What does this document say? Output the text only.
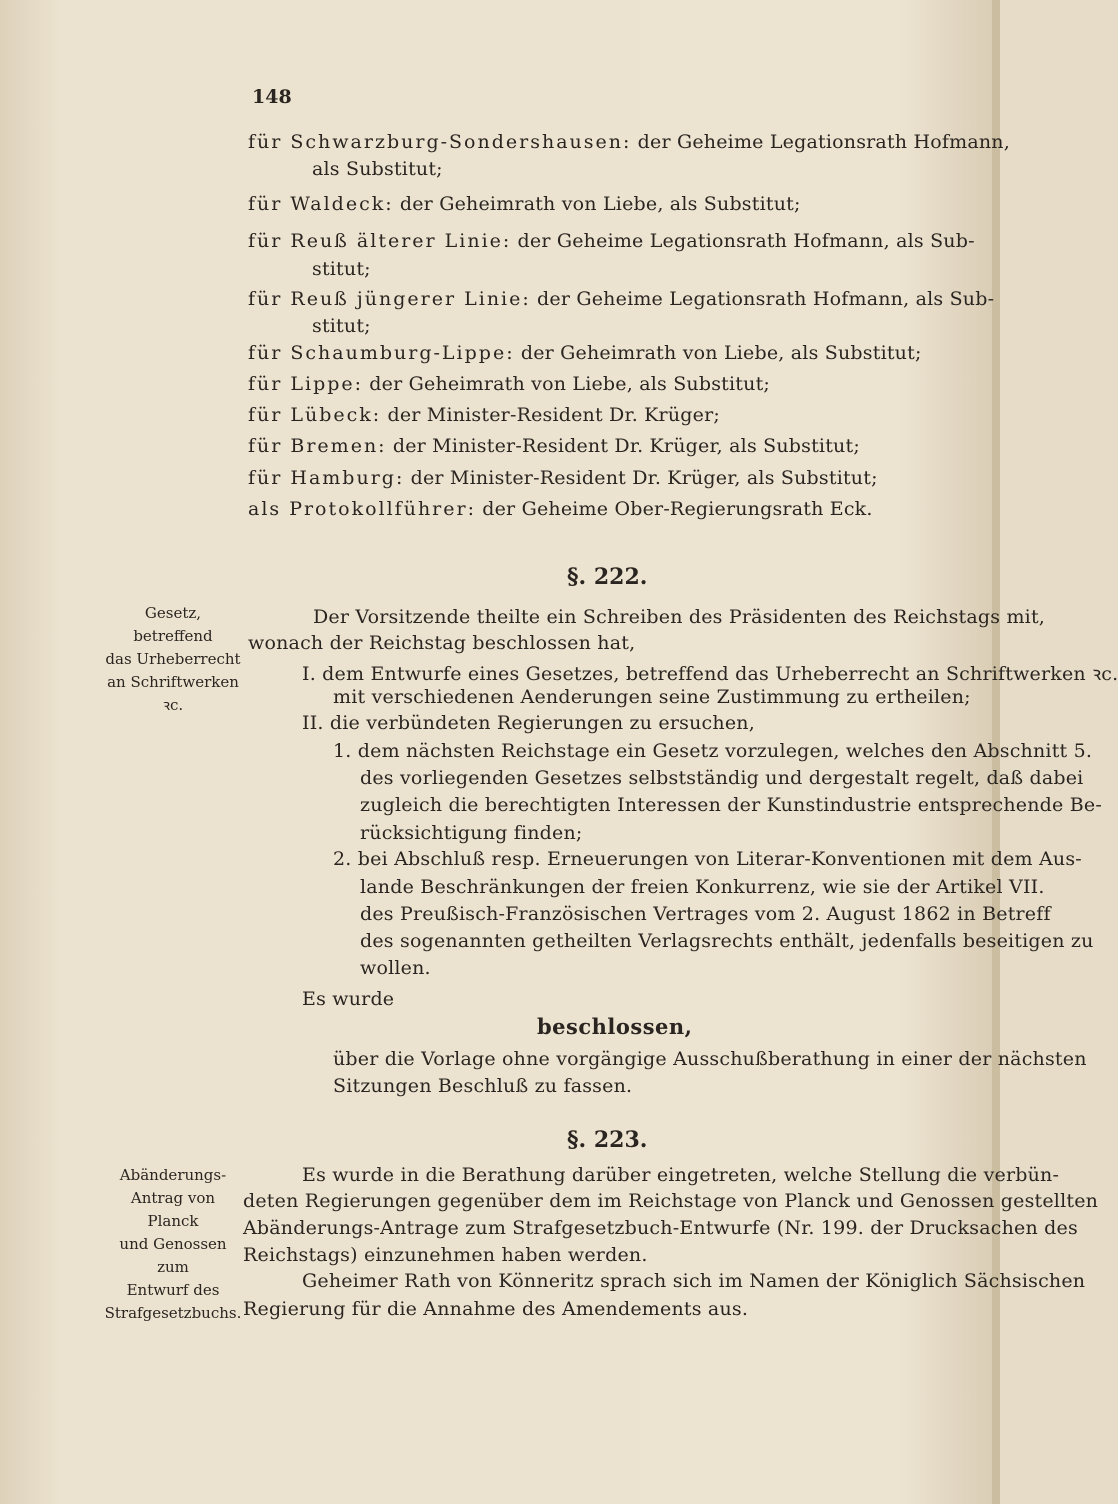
148
für Schwarzburg-Sondershausen: der Geheime Legationsrath Hofmann,
als Substitut;
für Waldeck: der Geheimrath von Liebe, als Substitut;
für Reuß älterer Linie: der Geheime Legationsrath Hofmann, als Sub-
stitut;
für Reuß jüngerer Linie: der Geheime Legationsrath Hofmann, als Sub-
stitut;
für Schaumburg-Lippe: der Geheimrath von Liebe, als Substitut;
für Lippe: der Geheimrath von Liebe, als Substitut;
für Lübeck: der Minister-Resident Dr. Krüger;
für Bremen: der Minister-Resident Dr. Krüger, als Substitut;
für Hamburg: der Minister-Resident Dr. Krüger, als Substitut;
als Protokollführer: der Geheime Ober-Regierungsrath Eck.
§. 222.
Gesetz, betreffend
das Urheberrecht
an Schriftwerken
ꝛc.
Der Vorsitzende theilte ein Schreiben des Präsidenten des Reichstags mit,
wonach der Reichstag beschlossen hat,
I. dem Entwurfe eines Gesetzes, betreffend das Urheberrecht an Schriftwerken ꝛc.
mit verschiedenen Aenderungen seine Zustimmung zu ertheilen;
II. die verbündeten Regierungen zu ersuchen,
1. dem nächsten Reichstage ein Gesetz vorzulegen, welches den Abschnitt 5.
des vorliegenden Gesetzes selbstständig und dergestalt regelt, daß dabei
zugleich die berechtigten Interessen der Kunstindustrie entsprechende Be-
rücksichtigung finden;
2. bei Abschluß resp. Erneuerungen von Literar-Konventionen mit dem Aus-
lande Beschränkungen der freien Konkurrenz, wie sie der Artikel VII.
des Preußisch-Französischen Vertrages vom 2. August 1862 in Betreff
des sogenannten getheilten Verlagsrechts enthält, jedenfalls beseitigen zu
wollen.
Es wurde
beschlossen,
über die Vorlage ohne vorgängige Ausschußberathung in einer der nächsten
Sitzungen Beschluß zu fassen.
§. 223.
Abänderungs-
Antrag von Planck
und Genossen zum
Entwurf des
Strafgesetzbuchs.
Es wurde in die Berathung darüber eingetreten, welche Stellung die verbün-
deten Regierungen gegenüber dem im Reichstage von Planck und Genossen gestellten
Abänderungs-Antrage zum Strafgesetzbuch-Entwurfe (Nr. 199. der Drucksachen des
Reichstags) einzunehmen haben werden.
Geheimer Rath von Könneritz sprach sich im Namen der Königlich Sächsischen
Regierung für die Annahme des Amendements aus.
